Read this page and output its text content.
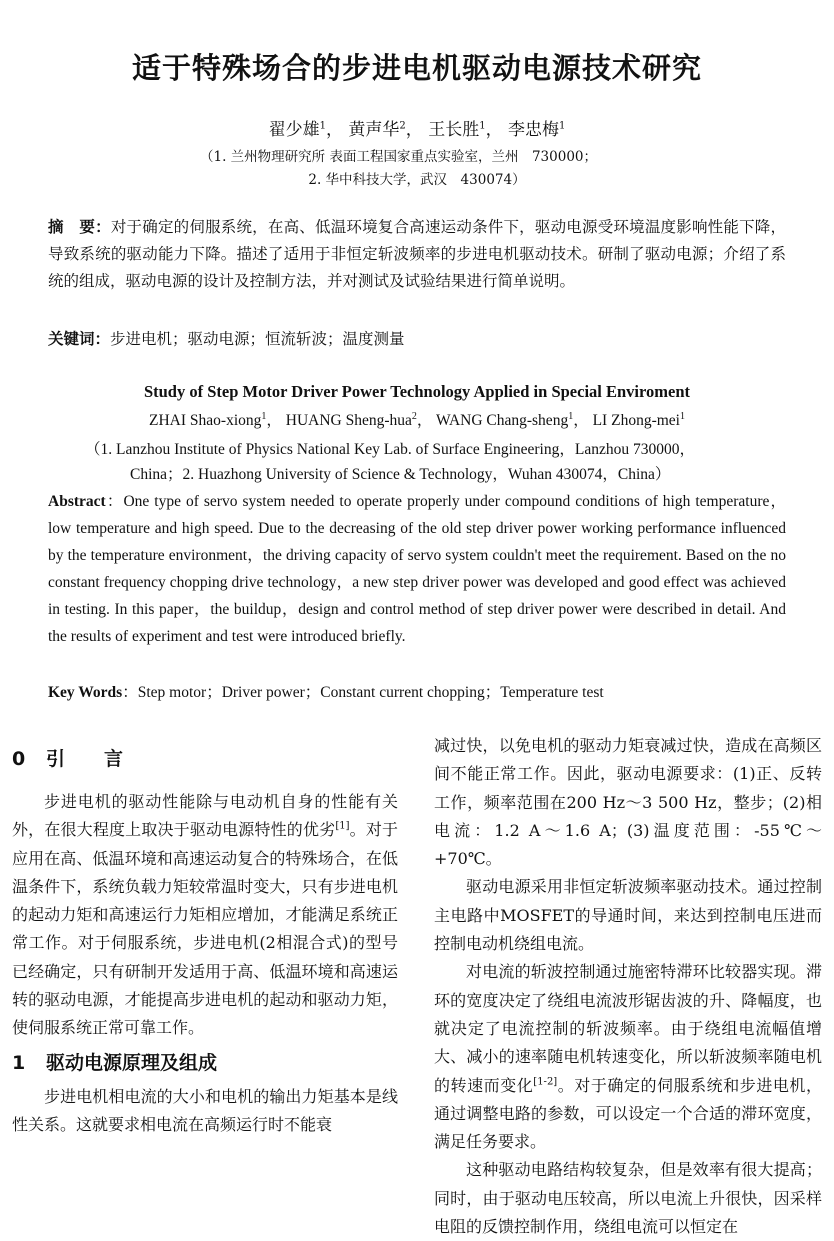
适于特殊场合的步进电机驱动电源技术研究
翟少雄$^1$， 黄声华$^2$， 王长胜$^1$， 李忠梅$^1$
（1. 兰州物理研究所 表面工程国家重点实验室，兰州　730000；
2. 华中科技大学，武汉　430074）
摘　要：对于确定的伺服系统，在高、低温环境复合高速运动条件下，驱动电源受环境温度影响性能下降，导致系统的驱动能力下降。描述了适用于非恒定斩波频率的步进电机驱动技术。研制了驱动电源；介绍了系统的组成，驱动电源的设计及控制方法，并对测试及试验结果进行简单说明。
关键词：步进电机；驱动电源；恒流斩波；温度测量
Study of Step Motor Driver Power Technology Applied in Special Enviroment
ZHAI Shao-xiong$^1$， HUANG Sheng-hua$^2$， WANG Chang-sheng$^1$， LI Zhong-mei$^1$
（1. Lanzhou Institute of Physics National Key Lab. of Surface Engineering，Lanzhou 730000，
China；2. Huazhong University of Science & Technology，Wuhan 430074，China）
Abstract：One type of servo system needed to operate properly under compound conditions of high temperature，low temperature and high speed. Due to the decreasing of the old step driver power working performance influenced by the temperature environment，the driving capacity of servo system couldn't meet the requirement. Based on the no constant frequency chopping drive technology，a new step driver power was developed and good effect was achieved in testing. In this paper，the buildup，design and control method of step driver power were described in detail. And the results of experiment and test were introduced briefly.
Key Words：Step motor；Driver power；Constant current chopping；Temperature test
0 引　言

步进电机的驱动性能除与电动机自身的性能有关外，在很大程度上取决于驱动电源特性的优劣[1]。对于应用在高、低温环境和高速运动复合的特殊场合，在低温条件下，系统负载力矩较常温时变大，只有步进电机的起动力矩和高速运行力矩相应增加，才能满足系统正常工作。对于伺服系统，步进电机(2相混合式)的型号已经确定，只有研制开发适用于高、低温环境和高速运转的驱动电源，才能提高步进电机的起动和驱动力矩，使伺服系统正常可靠工作。

1 驱动电源原理及组成

步进电机相电流的大小和电机的输出力矩基本是线性关系。这就要求相电流在高频运行时不能衰

减过快，以免电机的驱动力矩衰减过快，造成在高频区间不能正常工作。因此，驱动电源要求：(1)正、反转工作，频率范围在200 Hz～3 500 Hz，整步；(2)相电流：1.2 A～1.6 A；(3)温度范围：-55℃～+70℃。

驱动电源采用非恒定斩波频率驱动技术。通过控制主电路中MOSFET的导通时间，来达到控制电压进而控制电动机绕组电流。

对电流的斩波控制通过施密特滞环比较器实现。滞环的宽度决定了绕组电流波形锯齿波的升、降幅度，也就决定了电流控制的斩波频率。由于绕组电流幅值增大、减小的速率随电机转速变化，所以斩波频率随电机的转速而变化[1-2]。对于确定的伺服系统和步进电机，通过调整电路的参数，可以设定一个合适的滞环宽度，满足任务要求。

这种驱动电路结构较复杂，但是效率有很大提高；同时，由于驱动电压较高，所以电流上升很快，因采样电阻的反馈控制作用，绕组电流可以恒定在
